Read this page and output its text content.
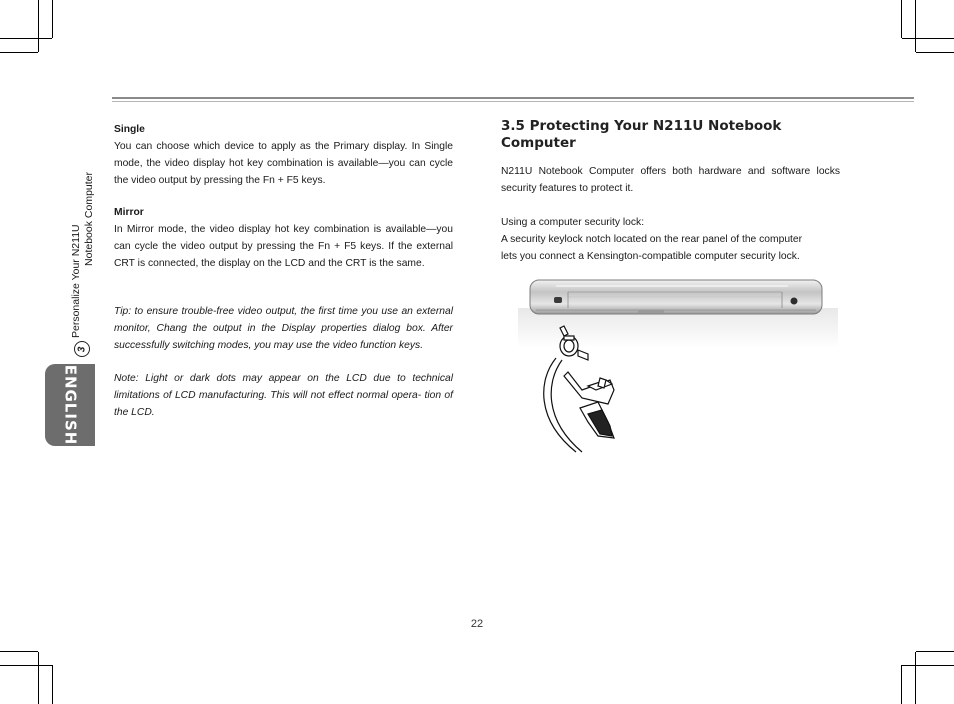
Personalize Your N211U
Notebook Computer
3
ENGLISH

Single

You can choose which device to apply as the Primary display. In Single mode, the video display hot key combination is available—you can cycle the video output by pressing the Fn + F5 keys.

Mirror

In Mirror mode, the video display hot key combination is available—you can cycle the video output by pressing the Fn + F5 keys. If the external CRT is connected, the display on the LCD and the CRT is the same.

Tip: to ensure trouble-free video output, the first time you use an external monitor, Chang the output in the Display properties dialog box. After successfully switching modes, you may use the video function keys.

Note: Light or dark dots may appear on the LCD due to technical limitations of LCD manufacturing. This will not effect normal opera- tion of the LCD.

3.5 Protecting Your N211U Notebook Computer

N211U Notebook Computer offers both hardware and software locks security features to protect it.

Using a computer security lock:

A security keylock notch located on the rear panel of the computer

lets you connect a Kensington-compatible computer security lock.

22
